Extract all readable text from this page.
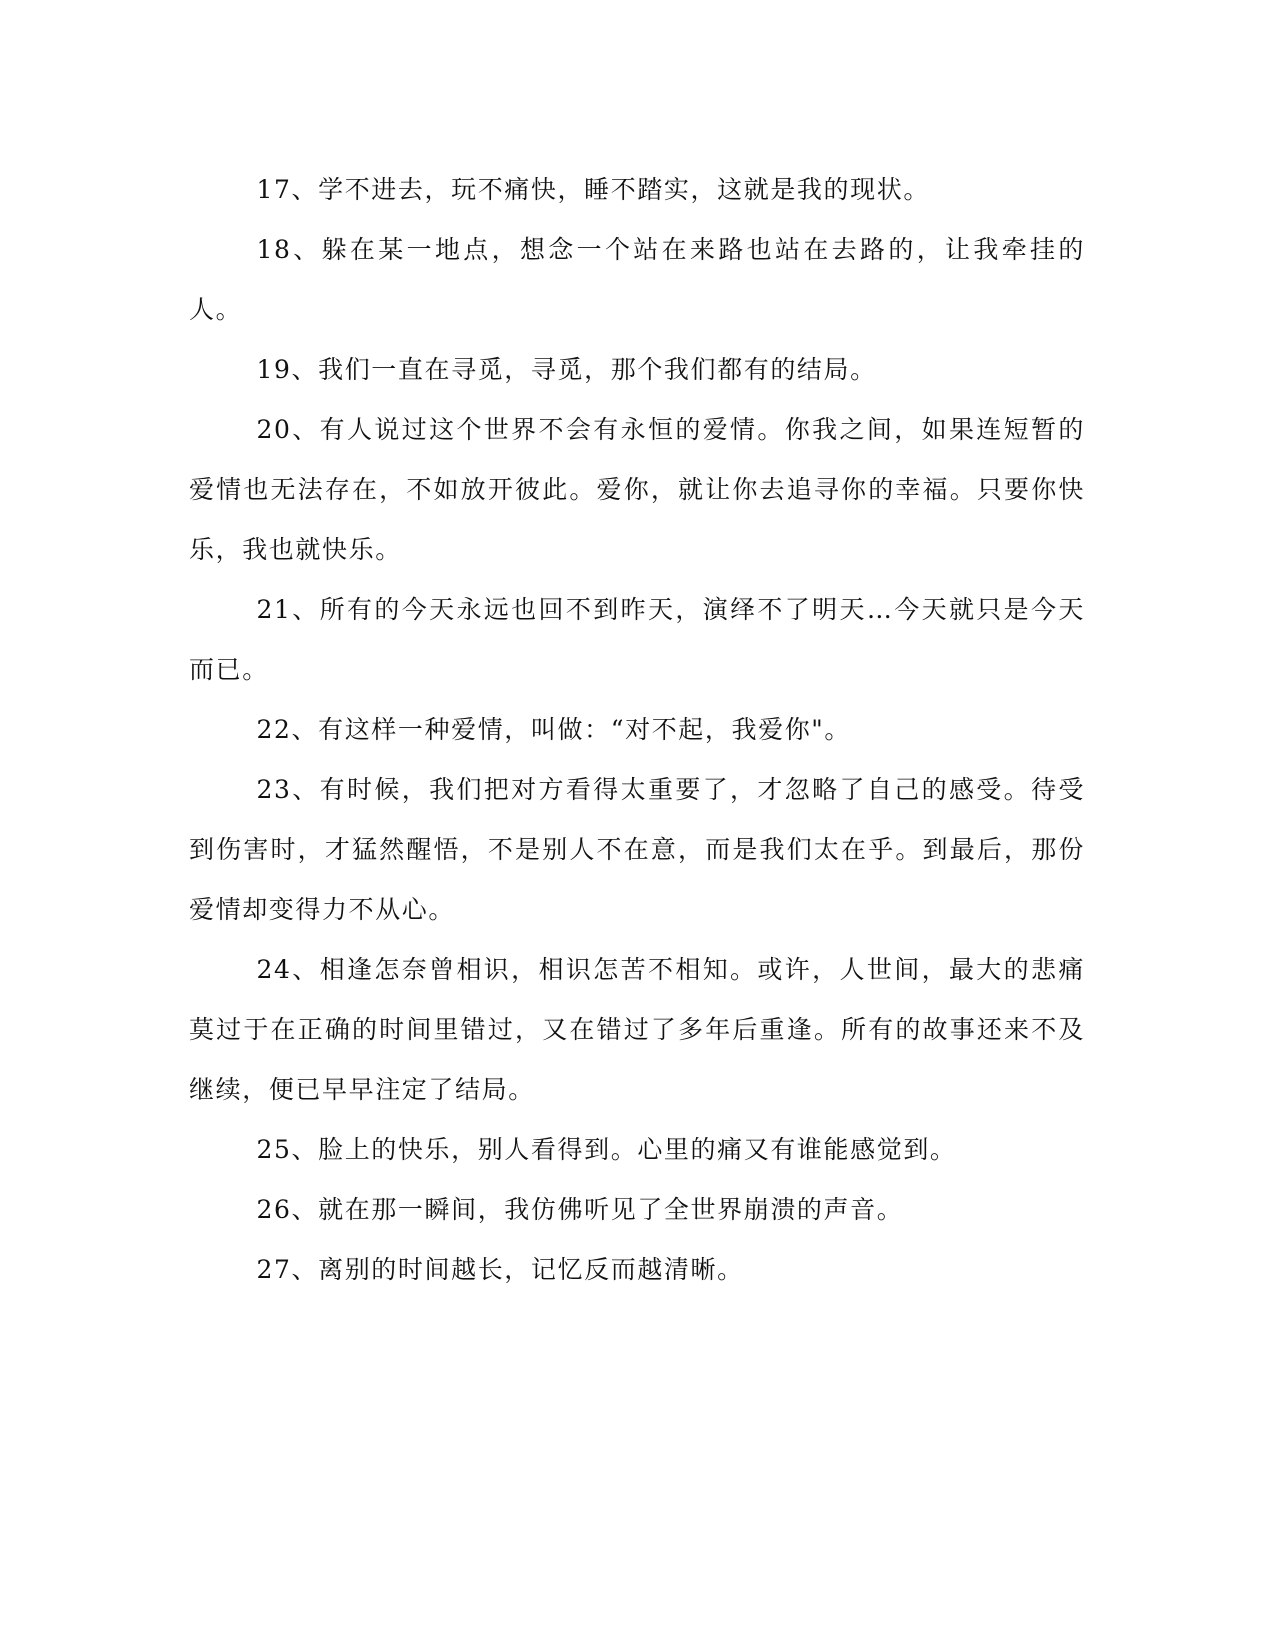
17、学不进去，玩不痛快，睡不踏实，这就是我的现状。

18、躲在某一地点，想念一个站在来路也站在去路的，让我牵挂的人。

19、我们一直在寻觅，寻觅，那个我们都有的结局。

20、有人说过这个世界不会有永恒的爱情。你我之间，如果连短暂的爱情也无法存在，不如放开彼此。爱你，就让你去追寻你的幸福。只要你快乐，我也就快乐。

21、所有的今天永远也回不到昨天，演绎不了明天…今天就只是今天而已。

22、有这样一种爱情，叫做：“对不起，我爱你"。

23、有时候，我们把对方看得太重要了，才忽略了自己的感受。待受到伤害时，才猛然醒悟，不是别人不在意，而是我们太在乎。到最后，那份爱情却变得力不从心。

24、相逢怎奈曾相识，相识怎苦不相知。或许，人世间，最大的悲痛莫过于在正确的时间里错过，又在错过了多年后重逢。所有的故事还来不及继续，便已早早注定了结局。

25、脸上的快乐，别人看得到。心里的痛又有谁能感觉到。

26、就在那一瞬间，我仿佛听见了全世界崩溃的声音。

27、离别的时间越长，记忆反而越清晰。
